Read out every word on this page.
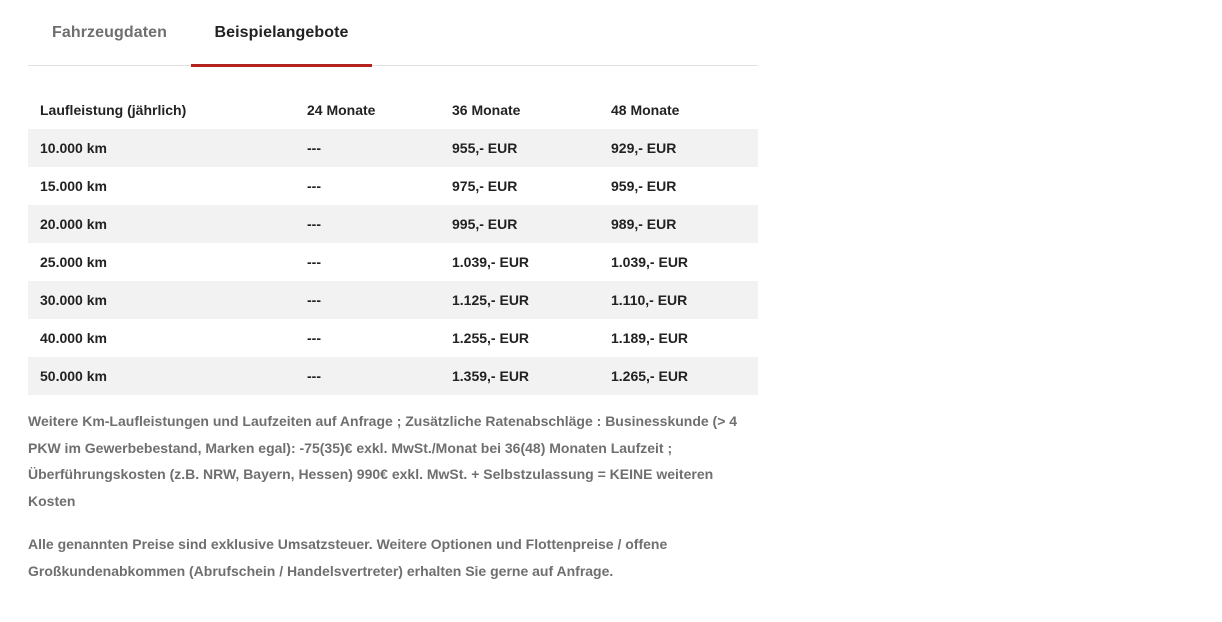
Fahrzeugdaten	Beispielangebote
Laufleistung (jährlich)	24 Monate	36 Monate	48 Monate
10.000 km	---	955,- EUR	929,- EUR
15.000 km	---	975,- EUR	959,- EUR
20.000 km	---	995,- EUR	989,- EUR
25.000 km	---	1.039,- EUR	1.039,- EUR
30.000 km	---	1.125,- EUR	1.110,- EUR
40.000 km	---	1.255,- EUR	1.189,- EUR
50.000 km	---	1.359,- EUR	1.265,- EUR

Weitere Km-Laufleistungen und Laufzeiten auf Anfrage ; Zusätzliche Ratenabschläge : Businesskunde (> 4 PKW im Gewerbebestand, Marken egal): -75(35)€ exkl. MwSt./Monat bei 36(48) Monaten Laufzeit ; Überführungskosten (z.B. NRW, Bayern, Hessen) 990€ exkl. MwSt. + Selbstzulassung = KEINE weiteren Kosten

Alle genannten Preise sind exklusive Umsatzsteuer. Weitere Optionen und Flottenpreise / offene Großkundenabkommen (Abrufschein / Handelsvertreter) erhalten Sie gerne auf Anfrage.
